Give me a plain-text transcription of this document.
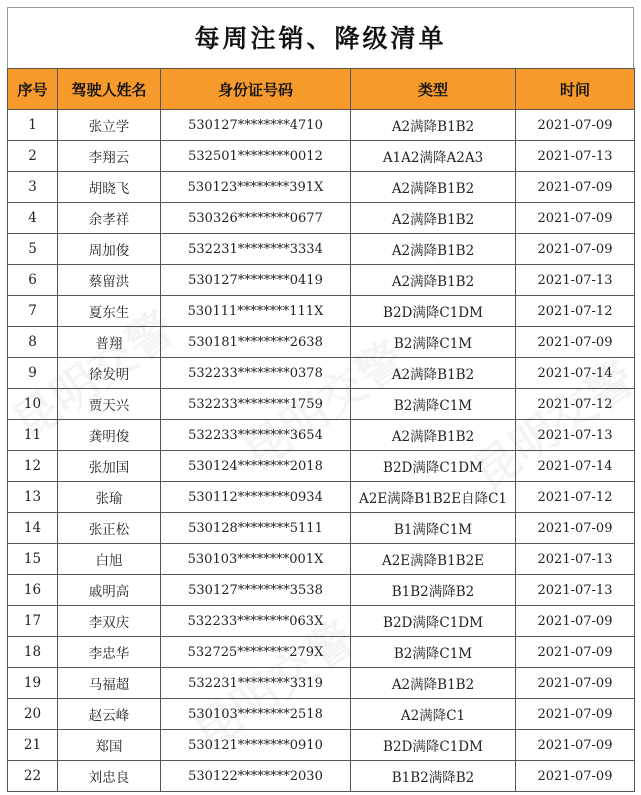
每周注销、降级清单
序号	驾驶人姓名	身份证号码	类型	时间
1	张立学	530127********4710	A2满降B1B2	2021-07-09
2	李翔云	532501********0012	A1A2满降A2A3	2021-07-13
3	胡晓飞	530123********391X	A2满降B1B2	2021-07-09
4	余孝祥	530326********0677	A2满降B1B2	2021-07-09
5	周加俊	532231********3334	A2满降B1B2	2021-07-09
6	蔡留洪	530127********0419	A2满降B1B2	2021-07-13
7	夏东生	530111********111X	B2D满降C1DM	2021-07-12
8	普翔	530181********2638	B2满降C1M	2021-07-09
9	徐发明	532233********0378	A2满降B1B2	2021-07-14
10	贾天兴	532233********1759	B2满降C1M	2021-07-12
11	龚明俊	532233********3654	A2满降B1B2	2021-07-13
12	张加国	530124********2018	B2D满降C1DM	2021-07-14
13	张瑜	530112********0934	A2E满降B1B2E自降C1	2021-07-12
14	张正松	530128********5111	B1满降C1M	2021-07-09
15	白旭	530103********001X	A2E满降B1B2E	2021-07-13
16	戚明高	530127********3538	B1B2满降B2	2021-07-13
17	李双庆	532233********063X	B2D满降C1DM	2021-07-09
18	李忠华	532725********279X	B2满降C1M	2021-07-09
19	马福超	532231********3319	A2满降B1B2	2021-07-09
20	赵云峰	530103********2518	A2满降C1	2021-07-09
21	郑国	530121********0910	B2D满降C1DM	2021-07-09
22	刘忠良	530122********2030	B1B2满降B2	2021-07-09
